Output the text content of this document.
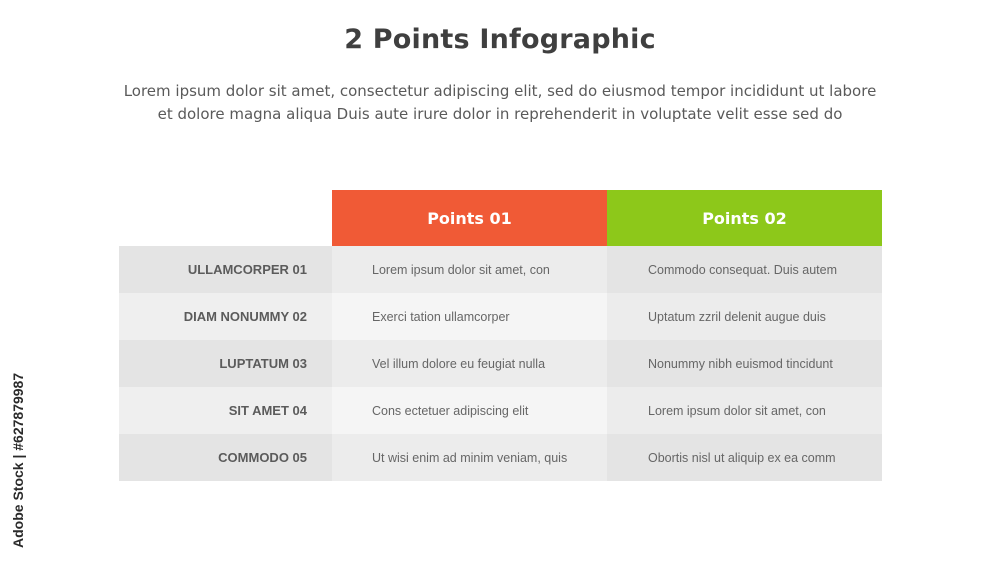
2 Points Infographic
Lorem ipsum dolor sit amet, consectetur adipiscing elit, sed do eiusmod tempor incididunt ut labore
et dolore magna aliqua Duis aute irure dolor in reprehenderit in voluptate velit esse sed do
Points 01	Points 02
ULLAMCORPER 01	Lorem ipsum dolor sit amet, con	Commodo consequat. Duis autem
DIAM NONUMMY 02	Exerci tation ullamcorper	Uptatum zzril delenit augue duis
LUPTATUM 03	Vel illum dolore eu feugiat nulla	Nonummy nibh euismod tincidunt
SIT AMET 04	Cons ectetuer adipiscing elit	Lorem ipsum dolor sit amet, con
COMMODO 05	Ut wisi enim ad minim veniam, quis	Obortis nisl ut aliquip ex ea comm
Adobe Stock | #627879987
